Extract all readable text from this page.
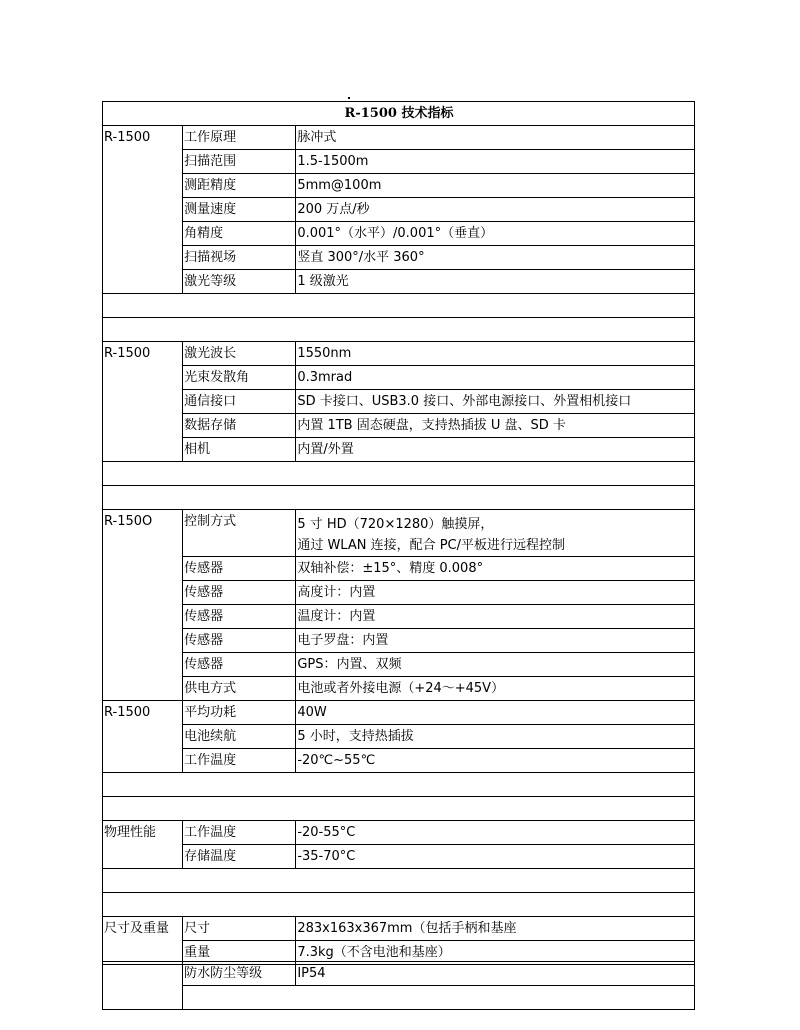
R-1500 技术指标		
R-1500	工作原理	脉冲式
	扫描范围	1.5-1500m
	测距精度	5mm@100m
	测量速度	200 万点/秒
	角精度	0.001°（水平）/0.001°（垂直）
	扫描视场	竖直 300°/水平 360°
	激光等级	1 级激光

R-1500	激光波长	1550nm
	光束发散角	0.3mrad
	通信接口	SD 卡接口、USB3.0 接口、外部电源接口、外置相机接口
	数据存储	内置 1TB 固态硬盘，支持热插拔 U 盘、SD 卡
	相机	内置/外置

R-150O	控制方式	5 寸 HD（720×1280）触摸屏，
通过 WLAN 连接，配合 PC/平板进行远程控制

	传感器	双轴补偿：±15°、精度 0.008°
	传感器	高度计：内置
	传感器	温度计：内置
	传感器	电子罗盘：内置
	传感器	GPS：内置、双频
	供电方式	电池或者外接电源（+24～+45V）
R-1500	平均功耗	40W
	电池续航	5 小时，支持热插拔
	工作温度	-20℃~55℃

物理性能	工作温度	-20-55°C
	存储温度	-35-70°C

尺寸及重量	尺寸	283x163x367mm（包括手柄和基座
	重量	7.3kg（不含电池和基座）
	防水防尘等级	IP54
